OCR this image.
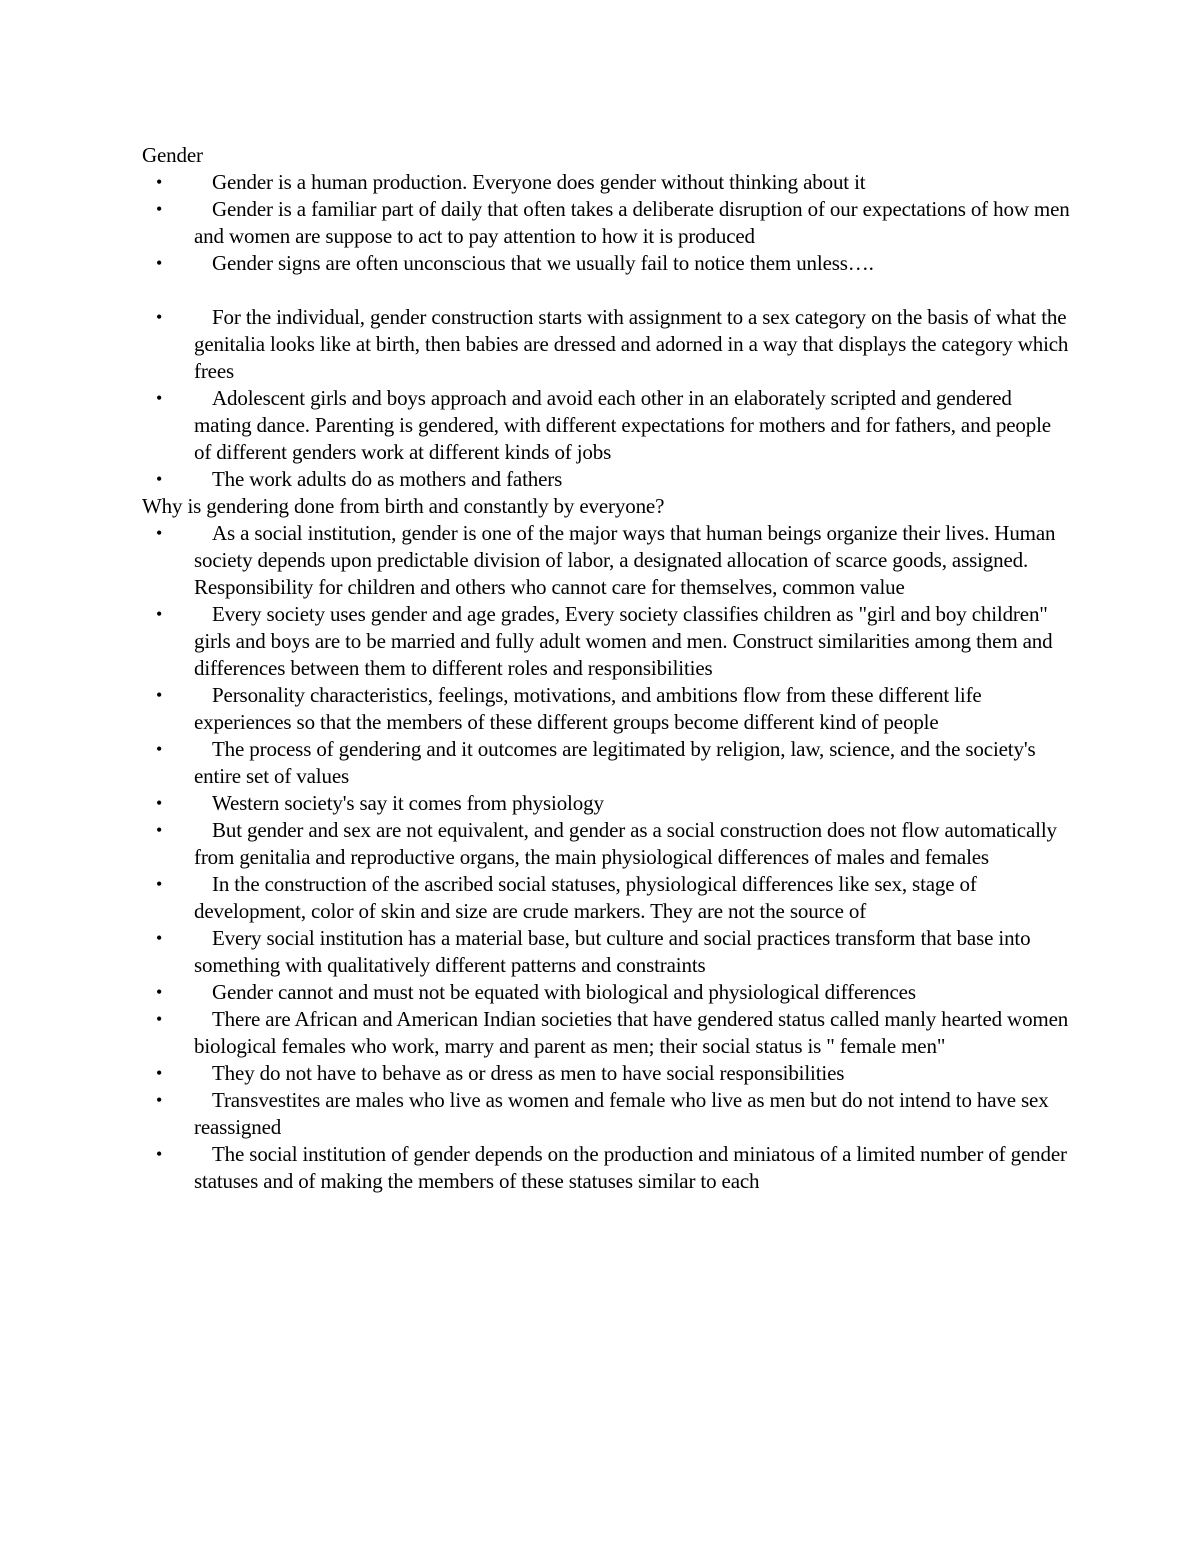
Gender
•	Gender is a human production. Everyone does gender without thinking about it
•	Gender is a familiar part of daily that often takes a deliberate disruption of our expectations of how men and women are suppose to act to pay attention to how it is produced
•	Gender signs are often unconscious that we usually fail to notice them unless….
•	For the individual, gender construction starts with assignment to a sex category on the basis of what the genitalia looks like at birth, then babies are dressed and adorned in a way that displays the category which frees
•	Adolescent girls and boys approach and avoid each other in an elaborately scripted and gendered mating dance. Parenting is gendered, with different expectations for mothers and for fathers, and people of different genders work at different kinds of jobs
•	The work adults do as mothers and fathers
Why is gendering done from birth and constantly by everyone?
•	As a social institution, gender is one of the major ways that human beings organize their lives. Human society depends upon predictable division of labor, a designated allocation of scarce goods, assigned. Responsibility for children and others who cannot care for themselves, common value
•	Every society uses gender and age grades, Every society classifies children as "girl and boy children" girls and boys are to be married and fully adult women and men. Construct similarities among them and differences between them to different roles and responsibilities
•	Personality characteristics, feelings, motivations, and ambitions flow from these different life experiences so that the members of these different groups become different kind of people
•	The process of gendering and it outcomes are legitimated by religion, law, science, and the society's entire set of values
•	Western society's say it comes from physiology
•	But gender and sex are not equivalent, and gender as a social construction does not flow automatically from genitalia and reproductive organs, the main physiological differences of males and females
•	In the construction of the ascribed social statuses, physiological differences like sex, stage of development, color of skin and size are crude markers. They are not the source of
•	Every social institution has a material base, but culture and social practices transform that base into something with qualitatively different patterns and constraints
•	Gender cannot and must not be equated with biological and physiological differences
•	There are African and American Indian societies that have gendered status called manly hearted women biological females who work, marry and parent as men; their social status is " female men"
•	They do not have to behave as or dress as men to have social responsibilities
•	Transvestites are males who live as women and female who live as men but do not intend to have sex reassigned
•	The social institution of gender depends on the production and miniatous of a limited number of gender statuses and of making the members of these statuses similar to each
